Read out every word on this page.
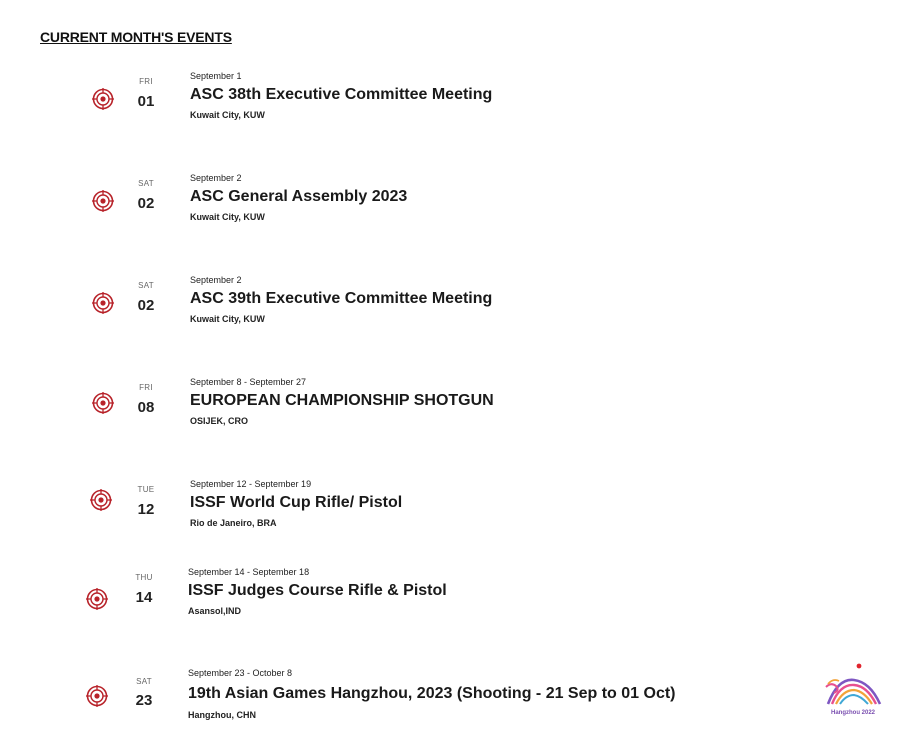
CURRENT MONTH'S EVENTS
FRI
01
September 1
ASC 38th Executive Committee Meeting
Kuwait City, KUW
SAT
02
September 2
ASC General Assembly 2023
Kuwait City, KUW
SAT
02
September 2
ASC 39th Executive Committee Meeting
Kuwait City, KUW
FRI
08
September 8 - September 27
EUROPEAN CHAMPIONSHIP SHOTGUN
OSIJEK, CRO
TUE
12
September 12 - September 19
ISSF World Cup Rifle/ Pistol
Rio de Janeiro, BRA
THU
14
September 14 - September 18
ISSF Judges Course Rifle & Pistol
Asansol,IND
SAT
23
September 23 - October 8
19th Asian Games Hangzhou, 2023 (Shooting - 21 Sep to 01 Oct)
Hangzhou, CHN	Hangzhou 2022
